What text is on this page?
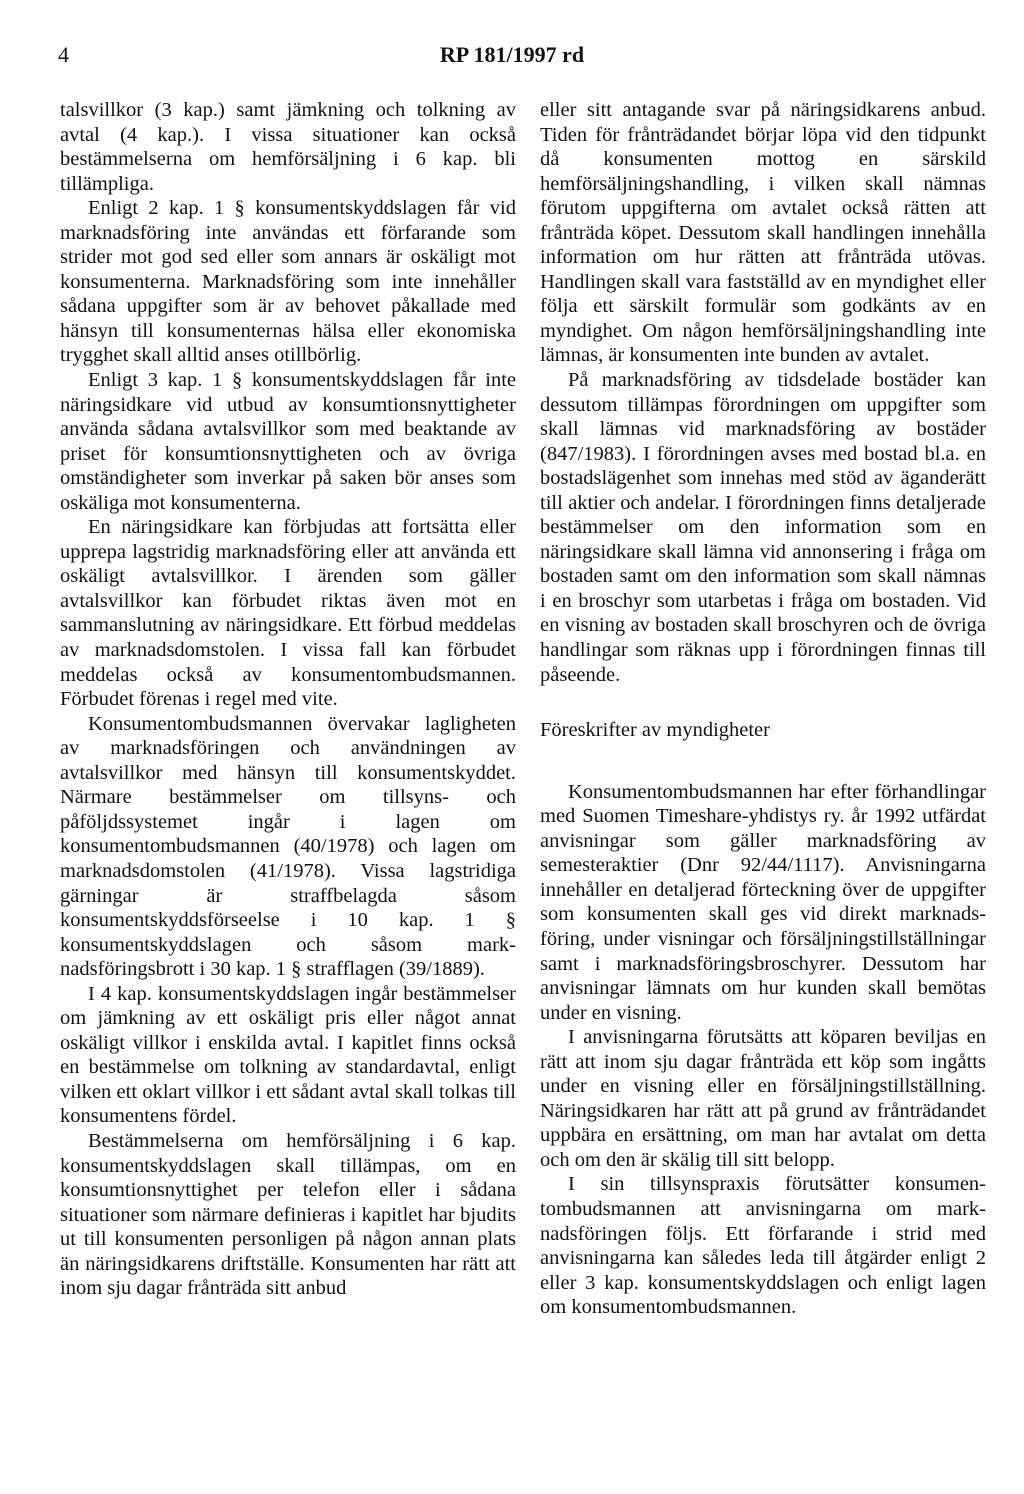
4	RP 181/1997 rd

talsvillkor (3 kap.) samt jämkning och tolkning av avtal (4 kap.). I vissa situationer kan också bestämmelserna om hemförsäljning i 6 kap. bli tillämpliga.

Enligt 2 kap. 1 § konsumentskyddslagen får vid marknadsföring inte användas ett förfarande som strider mot god sed eller som annars är oskäligt mot konsumenterna. Marknadsföring som inte innehåller sådana uppgifter som är av behovet påkallade med hänsyn till konsumenternas hälsa eller ekonomiska trygghet skall alltid anses otillbörlig.

Enligt 3 kap. 1 § konsumentskyddslagen får inte näringsidkare vid utbud av konsumtionsnyttigheter använda sådana avtalsvillkor som med beaktande av priset för konsumtionsnyttigheten och av övriga omständigheter som inverkar på saken bör anses som oskäliga mot konsumenterna.

En näringsidkare kan förbjudas att fortsätta eller upprepa lagstridig marknadsföring eller att använda ett oskäligt avtalsvillkor. I ärenden som gäller avtalsvillkor kan förbudet riktas även mot en sammanslutning av näringsidkare. Ett förbud meddelas av marknadsdomstolen. I vissa fall kan förbudet meddelas också av konsumentombudsmannen. Förbudet förenas i regel med vite.

Konsumentombudsmannen övervakar lagligheten av marknadsföringen och användningen av avtalsvillkor med hänsyn till konsumentskyddet. Närmare bestämmelser om tillsyns- och påföljdssystemet ingår i lagen om konsumentombudsmannen (40/1978) och lagen om marknadsdomstolen (41/1978). Vissa lagstridiga gärningar är straffbelagda såsom konsumentskyddsförseelse i 10 kap. 1 § konsumentskyddslagen och såsom marknadsföringsbrott i 30 kap. 1 § strafflagen (39/1889).

I 4 kap. konsumentskyddslagen ingår bestämmelser om jämkning av ett oskäligt pris eller något annat oskäligt villkor i enskilda avtal. I kapitlet finns också en bestämmelse om tolkning av standardavtal, enligt vilken ett oklart villkor i ett sådant avtal skall tolkas till konsumentens fördel.

Bestämmelserna om hemförsäljning i 6 kap. konsumentskyddslagen skall tillämpas, om en konsumtionsnyttighet per telefon eller i sådana situationer som närmare definieras i kapitlet har bjudits ut till konsumenten personligen på någon annan plats än näringsidkarens driftställe. Konsumenten har rätt att inom sju dagar frånträda sitt anbud

eller sitt antagande svar på näringsidkarens anbud. Tiden för frånträdandet börjar löpa vid den tidpunkt då konsumenten mottog en särskild hemförsäljningshandling, i vilken skall nämnas förutom uppgifterna om avtalet också rätten att frånträda köpet. Dessutom skall handlingen innehålla information om hur rätten att frånträda utövas. Handlingen skall vara fastställd av en myndighet eller följa ett särskilt formulär som godkänts av en myndighet. Om någon hemförsäljningshandling inte lämnas, är konsumenten inte bunden av avtalet.

På marknadsföring av tidsdelade bostäder kan dessutom tillämpas förordningen om uppgifter som skall lämnas vid marknadsföring av bostäder (847/1983). I förordningen avses med bostad bl.a. en bostadslägenhet som innehas med stöd av äganderätt till aktier och andelar. I förordningen finns detaljerade bestämmelser om den information som en näringsidkare skall lämna vid annonsering i fråga om bostaden samt om den information som skall nämnas i en broschyr som utarbetas i fråga om bostaden. Vid en visning av bostaden skall broschyren och de övriga handlingar som räknas upp i förordningen finnas till påseende.

Föreskrifter av myndigheter

Konsumentombudsmannen har efter förhandlingar med Suomen Timeshare-yhdistys ry. år 1992 utfärdat anvisningar som gäller marknadsföring av semesteraktier (Dnr 92/44/1117). Anvisningarna innehåller en detaljerad förteckning över de uppgifter som konsumenten skall ges vid direkt marknadsföring, under visningar och försäljningstillställningar samt i marknadsföringsbroschyrer. Dessutom har anvisningar lämnats om hur kunden skall bemötas under en visning.

I anvisningarna förutsätts att köparen beviljas en rätt att inom sju dagar frånträda ett köp som ingåtts under en visning eller en försäljningstillställning. Näringsidkaren har rätt att på grund av frånträdandet uppbära en ersättning, om man har avtalat om detta och om den är skälig till sitt belopp.

I sin tillsynspraxis förutsätter konsumentombudsmannen att anvisningarna om marknadsföringen följs. Ett förfarande i strid med anvisningarna kan således leda till åtgärder enligt 2 eller 3 kap. konsumentskyddslagen och enligt lagen om konsumentombudsmannen.
